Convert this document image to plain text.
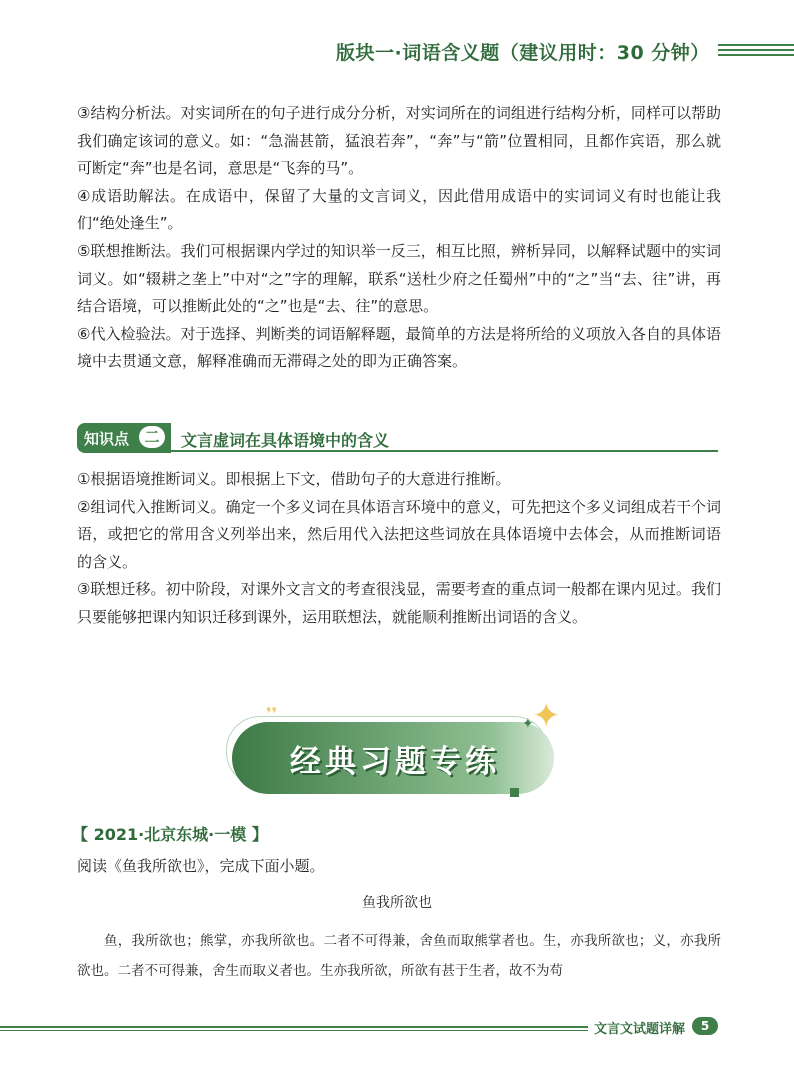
版块一·词语含义题（建议用时：30 分钟）

③结构分析法。对实词所在的句子进行成分分析，对实词所在的词组进行结构分析，同样可以帮助我们确定该词的意义。如：“急湍甚箭，猛浪若奔”，“奔”与“箭”位置相同，且都作宾语，那么就可断定“奔”也是名词，意思是“飞奔的马”。

④成语助解法。在成语中，保留了大量的文言词义，因此借用成语中的实词词义有时也能让我们“绝处逢生”。

⑤联想推断法。我们可根据课内学过的知识举一反三，相互比照，辨析异同，以解释试题中的实词词义。如“辍耕之垄上”中对“之”字的理解，联系“送杜少府之任蜀州”中的“之”当“去、往”讲，再结合语境，可以推断此处的“之”也是“去、往”的意思。

⑥代入检验法。对于选择、判断类的词语解释题，最简单的方法是将所给的义项放入各自的具体语境中去贯通文意，解释准确而无滞碍之处的即为正确答案。

知识点	二	文言虚词在具体语境中的含义

①根据语境推断词义。即根据上下文，借助句子的大意进行推断。

②组词代入推断词义。确定一个多义词在具体语言环境中的意义，可先把这个多义词组成若干个词语，或把它的常用含义列举出来，然后用代入法把这些词放在具体语境中去体会，从而推断词语的含义。

③联想迁移。初中阶段，对课外文言文的考查很浅显，需要考查的重点词一般都在课内见过。我们只要能够把课内知识迁移到课外，运用联想法，就能顺利推断出词语的含义。

❜❜	✦
✦
经典习题专练
【 2021·北京东城·一模 】
阅读《鱼我所欲也》，完成下面小题。
鱼我所欲也

鱼，我所欲也；熊掌，亦我所欲也。二者不可得兼，舍鱼而取熊掌者也。生，亦我所欲也；义，亦我所欲也。二者不可得兼，舍生而取义者也。生亦我所欲，所欲有甚于生者，故不为苟

文言文试题详解	5
